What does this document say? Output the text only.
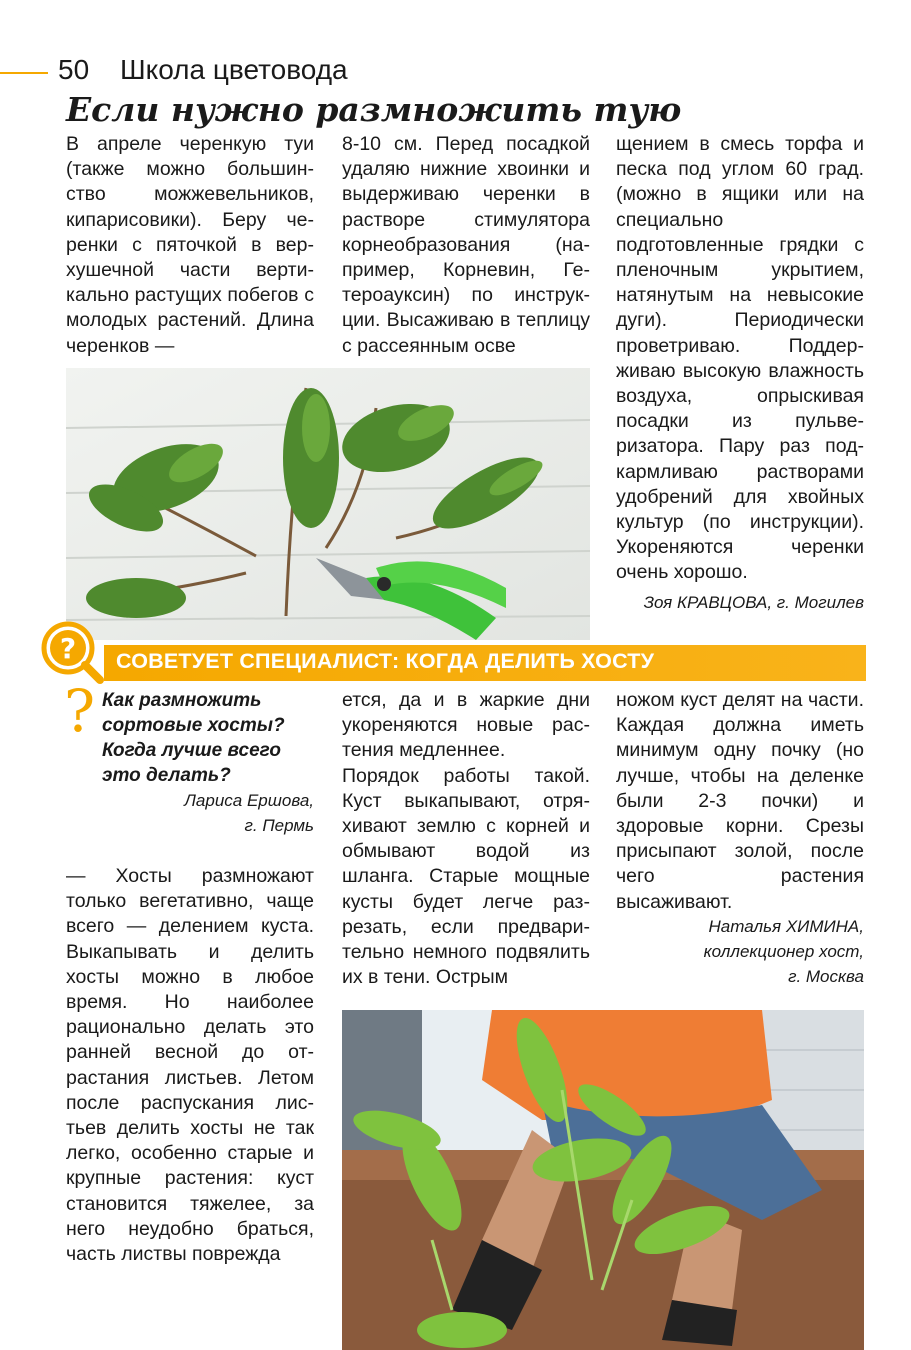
50 Школа цветовода
Если нужно размножить тую

В апреле черенкую туи (также можно большинство можжевельников, кипарисовики). Беру черенки с пяточкой в верхушечной части вертикально растущих побегов с молодых растений. Длина черенков —

8-10 см. Перед посадкой удаляю нижние хвоинки и выдерживаю черенки в растворе стимулятора корнеобразования (например, Корневин, Гетероауксин) по инструкции. Высаживаю в теплицу с рассеянным осве

щением в смесь торфа и песка под углом 60 град. (можно в ящики или на специально подготовленные грядки с пленочным укрытием, натянутым на невысокие дуги). Периодически проветриваю. Поддерживаю высокую влажность воздуха, опрыскивая посадки из пульверизатора. Пару раз подкармливаю растворами удобрений для хвойных культур (по инструкции). Укореняются черенки очень хорошо.

Зоя КРАВЦОВА, г. Могилев
? СОВЕТУЕТ СПЕЦИАЛИСТ: КОГДА ДЕЛИТЬ ХОСТУ
? Как размножить сортовые хосты? Когда лучше всего это делать?
Лариса Ершова,
г. Пермь

— Хосты размножают только вегетативно, чаще всего — делением куста. Выкапывать и делить хосты можно в любое время. Но наиболее рационально делать это ранней весной до отрастания листьев. Летом после распускания листьев делить хосты не так легко, особенно старые и крупные растения: куст становится тяжелее, за него неудобно браться, часть листвы поврежда

ется, да и в жаркие дни укореняются новые растения медленнее.

Порядок работы такой. Куст выкапывают, отряхивают землю с корней и обмывают водой из шланга. Старые мощные кусты будет легче разрезать, если предварительно немного подвялить их в тени. Острым

ножом куст делят на части. Каждая должна иметь минимум одну почку (но лучше, чтобы на деленке были 2-3 почки) и здоровые корни. Срезы присыпают золой, после чего растения высаживают.

Наталья ХИМИНА,
коллекционер хост,
г. Москва
